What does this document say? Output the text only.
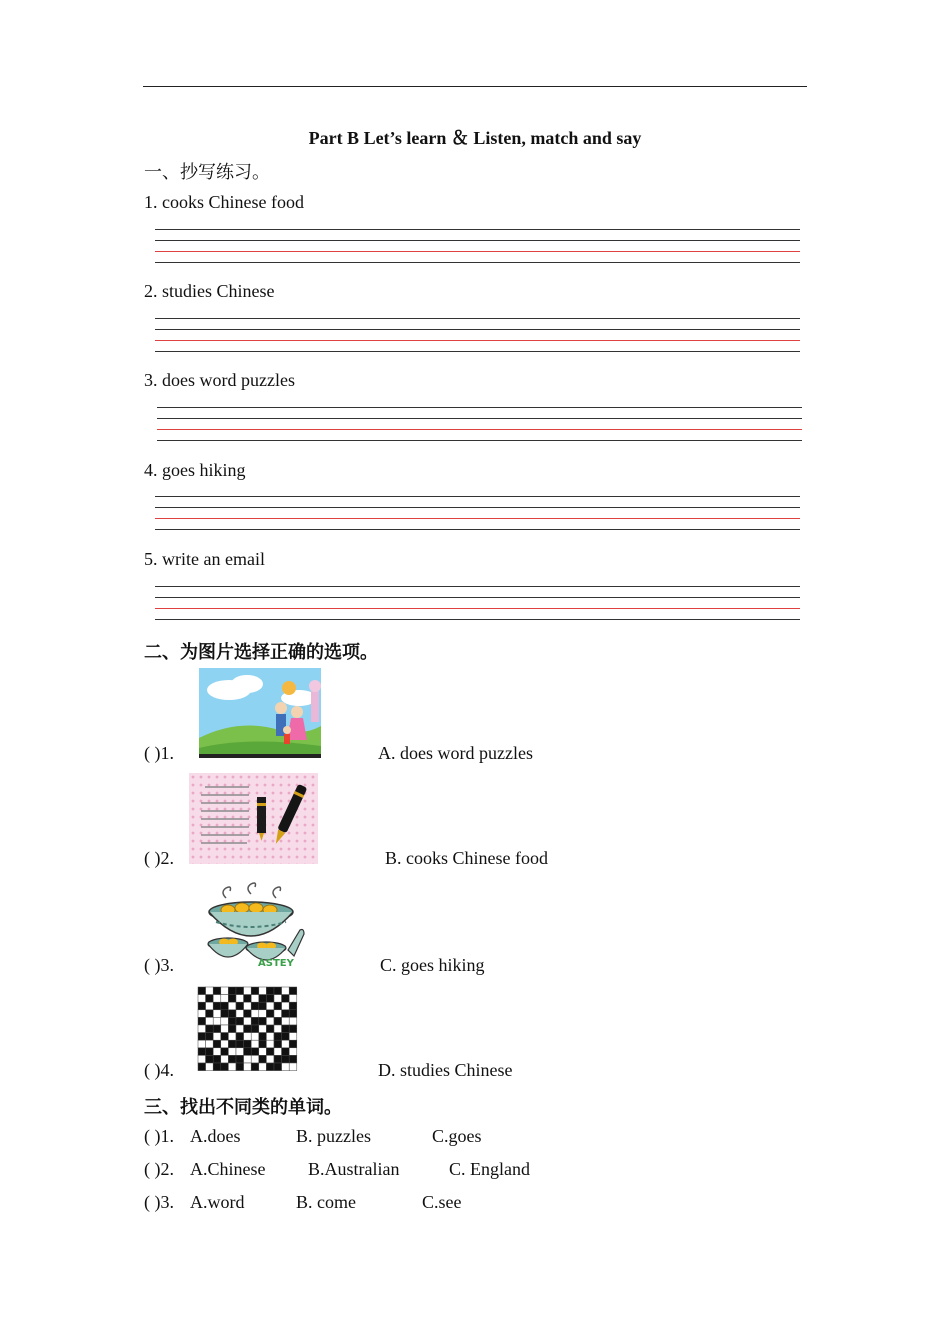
Part B Let’s learn ＆ Listen, match and say
一、抄写练习。
1. cooks Chinese food
2. studies Chinese
3. does word puzzles
4. goes hiking
5. write an email
二、为图片选择正确的选项。
( )1.	A. does word puzzles
( )2.	B. cooks Chinese food
( )3.	ASTEY	C. goes hiking
( )4.	D. studies Chinese
三、找出不同类的单词。
( )1. A.does	B. puzzles	C.goes
( )2. A.Chinese B.Australian	C. England
( )3. A.word	B. come	C.see
